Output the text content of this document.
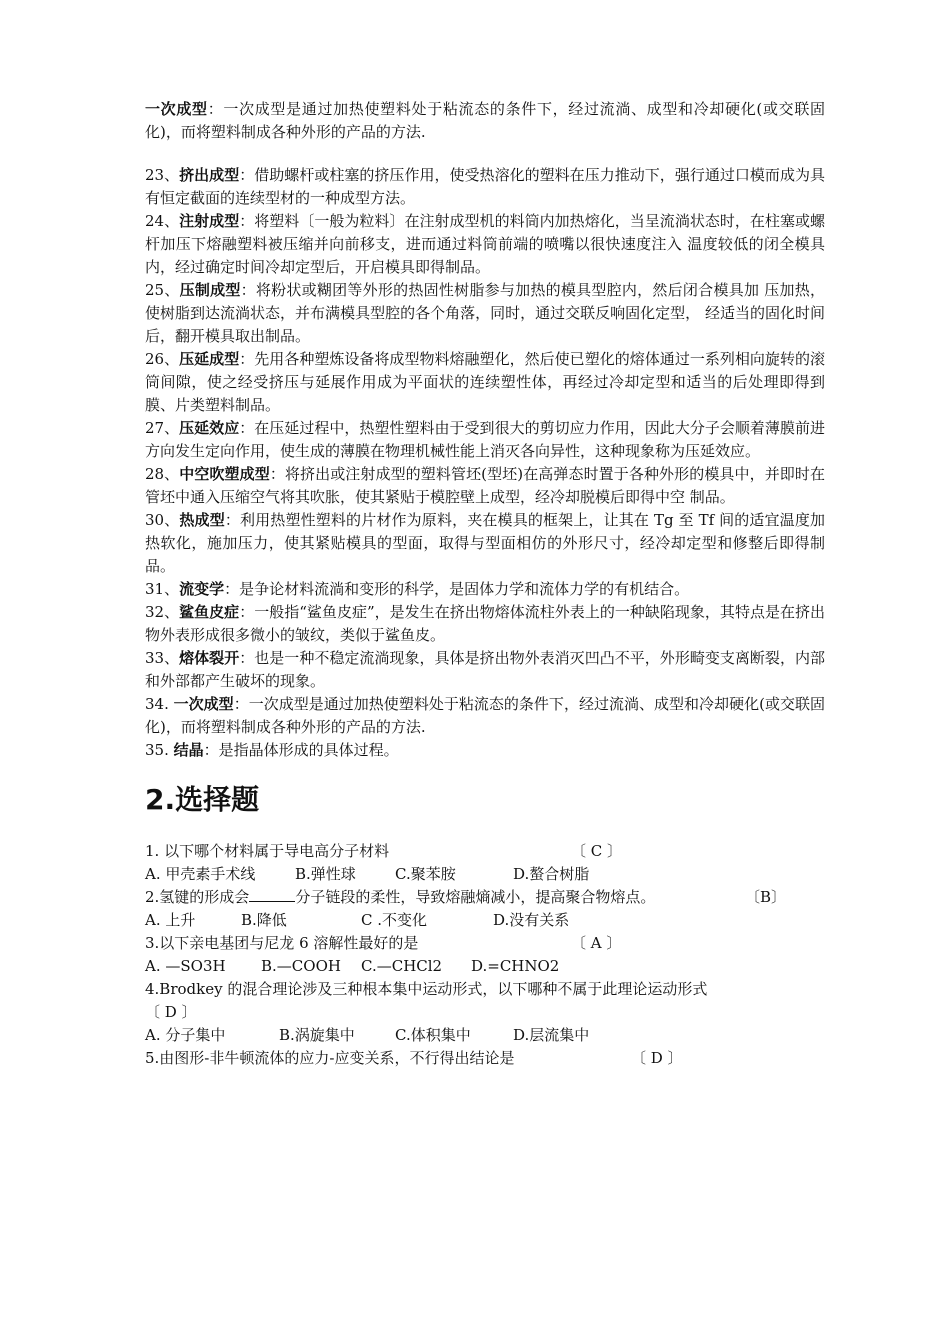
一次成型：一次成型是通过加热使塑料处于粘流态的条件下，经过流淌、成型和冷却硬化(或交联固化)，而将塑料制成各种外形的产品的方法.

23、挤出成型：借助螺杆或柱塞的挤压作用，使受热溶化的塑料在压力推动下，强行通过口模而成为具有恒定截面的连续型材的一种成型方法。

24、注射成型：将塑料〔一般为粒料〕在注射成型机的料筒内加热熔化，当呈流淌状态时，在柱塞或螺杆加压下熔融塑料被压缩并向前移支，进而通过料筒前端的喷嘴以很快速度注入 温度较低的闭全模具内，经过确定时间冷却定型后，开启模具即得制品。

25、压制成型：将粉状或糊团等外形的热固性树脂参与加热的模具型腔内，然后闭合模具加 压加热，使树脂到达流淌状态，并布满模具型腔的各个角落，同时，通过交联反响固化定型， 经适当的固化时间后，翻开模具取出制品。

26、压延成型：先用各种塑炼设备将成型物料熔融塑化，然后使已塑化的熔体通过一系列相向旋转的滚筒间隙，使之经受挤压与延展作用成为平面状的连续塑性体，再经过冷却定型和适当的后处理即得到膜、片类塑料制品。

27、压延效应：在压延过程中，热塑性塑料由于受到很大的剪切应力作用，因此大分子会顺着薄膜前进方向发生定向作用，使生成的薄膜在物理机械性能上消灭各向异性，这种现象称为压延效应。

28、中空吹塑成型：将挤出或注射成型的塑料管坯(型坯)在高弹态时置于各种外形的模具中，并即时在管坯中通入压缩空气将其吹胀，使其紧贴于模腔壁上成型，经冷却脱模后即得中空 制品。

30、热成型：利用热塑性塑料的片材作为原料，夹在模具的框架上，让其在 Tg 至 Tf 间的适宜温度加热软化，施加压力，使其紧贴模具的型面，取得与型面相仿的外形尺寸，经冷却定型和修整后即得制品。

31、流变学：是争论材料流淌和变形的科学，是固体力学和流体力学的有机结合。

32、鲨鱼皮症：一般指“鲨鱼皮症”，是发生在挤出物熔体流柱外表上的一种缺陷现象，其特点是在挤出物外表形成很多微小的皱纹，类似于鲨鱼皮。

33、熔体裂开：也是一种不稳定流淌现象，具体是挤出物外表消灭凹凸不平，外形畸变支离断裂，内部和外部都产生破坏的现象。

34. 一次成型：一次成型是通过加热使塑料处于粘流态的条件下，经过流淌、成型和冷却硬化(或交联固化)，而将塑料制成各种外形的产品的方法.

35. 结晶：是指晶体形成的具体过程。

2.选择题
1. 以下哪个材料属于导电高分子材料	〔 C 〕
A. 甲壳素手术线	B.弹性球	C.聚苯胺	D.螯合树脂
2.氢键的形成会	分子链段的柔性，导致熔融熵减小，提高聚合物熔点。	〔B〕
A. 上升	B.降低	C .不变化	D.没有关系
3.以下亲电基团与尼龙 6 溶解性最好的是	〔 A 〕
A. —SO3H B.—COOH C.—CHCl2 D.=CHNO2
4.Brodkey 的混合理论涉及三种根本集中运动形式，以下哪种不属于此理论运动形式
〔 D 〕
A. 分子集中	B.涡旋集中	C.体积集中	D.层流集中
5.由图形-非牛顿流体的应力-应变关系，不行得出结论是	〔 D 〕
